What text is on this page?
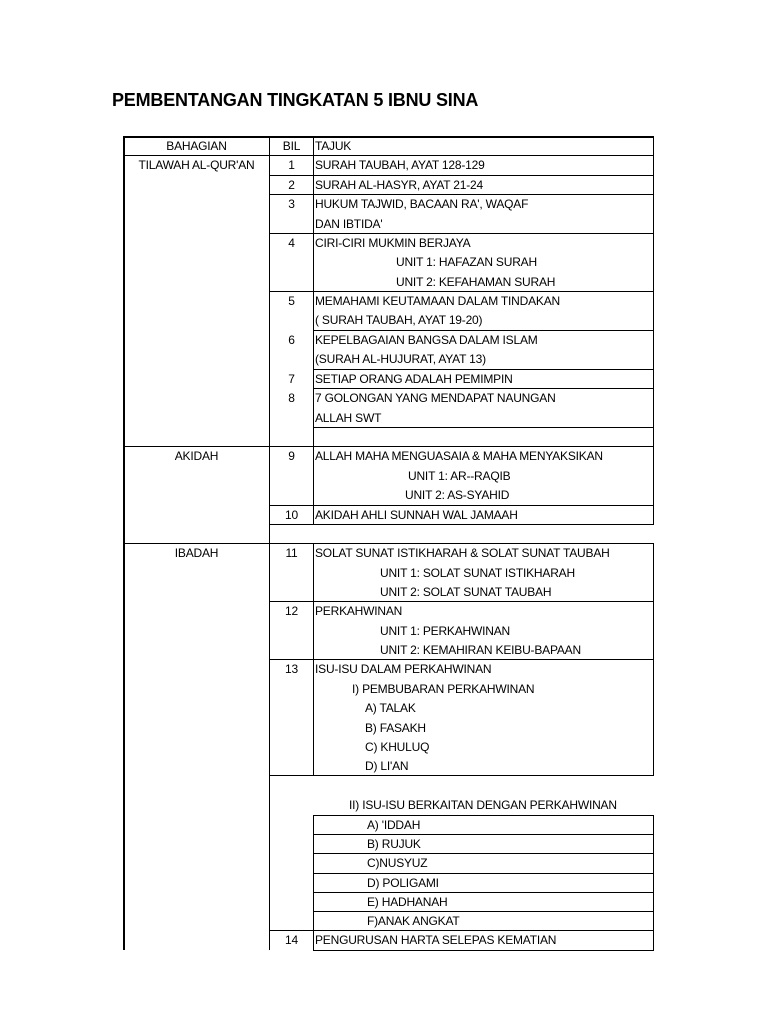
PEMBENTANGAN TINGKATAN 5 IBNU SINA
BAHAGIAN	BIL	TAJUK
TILAWAH AL-QUR'AN
AKIDAH
IBADAH
1
2
3
4
5
6
7
8
9
10
11
12
13
14
SURAH TAUBAH, AYAT 128-129
SURAH AL-HASYR, AYAT 21-24
HUKUM TAJWID, BACAAN RA', WAQAF
DAN IBTIDA'
CIRI-CIRI MUKMIN BERJAYA
UNIT 1: HAFAZAN SURAH
UNIT 2: KEFAHAMAN SURAH
MEMAHAMI KEUTAMAAN DALAM TINDAKAN
( SURAH TAUBAH, AYAT 19-20)
KEPELBAGAIAN BANGSA DALAM ISLAM
(SURAH AL-HUJURAT, AYAT 13)
SETIAP ORANG ADALAH PEMIMPIN
7 GOLONGAN YANG MENDAPAT NAUNGAN
ALLAH SWT
ALLAH MAHA MENGUASAIA & MAHA MENYAKSIKAN
UNIT 1: AR--RAQIB
UNIT 2: AS-SYAHID
AKIDAH AHLI SUNNAH WAL JAMAAH
SOLAT SUNAT ISTIKHARAH & SOLAT SUNAT TAUBAH
UNIT 1: SOLAT SUNAT ISTIKHARAH
UNIT 2: SOLAT SUNAT TAUBAH
PERKAHWINAN
UNIT 1: PERKAHWINAN
UNIT 2: KEMAHIRAN KEIBU-BAPAAN
ISU-ISU DALAM PERKAHWINAN
I) PEMBUBARAN PERKAHWINAN
A) TALAK
B) FASAKH
C) KHULUQ
D) LI'AN
II) ISU-ISU BERKAITAN DENGAN PERKAHWINAN
A) 'IDDAH
B) RUJUK
C)NUSYUZ
D) POLIGAMI
E) HADHANAH
F)ANAK ANGKAT
PENGURUSAN HARTA SELEPAS KEMATIAN
